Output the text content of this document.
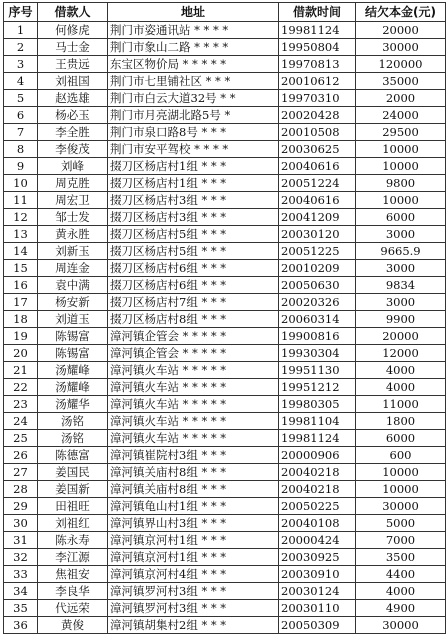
序号	借款人	地址	借款时间	结欠本金(元)
1	何修虎	荆门市姿通讯站 * * * *	19981124	20000
2	马士金	荆门市象山二路 * * * *	19950804	30000
3	王贵远	东宝区物价局 * * * * *	19970813	120000
4	刘祖国	荆门市七里铺社区 * * *	20010612	35000
5	赵选雄	荆门市白云大道32号 * *	19970310	2000
6	杨必玉	荆门市月亮湖北路5号 *	20020428	24000
7	李全胜	荆门市泉口路8号 * * *	20010508	29500
8	李俊茂	荆门市安平驾校 * * * *	20030625	10000
9	刘峰	掇刀区杨店村1组 * * *	20040616	10000
10	周克胜	掇刀区杨店村1组 * * *	20051224	9800
11	周宏卫	掇刀区杨店村3组 * * *	20040616	10000
12	邹士发	掇刀区杨店村3组 * * *	20041209	6000
13	黄永胜	掇刀区杨店村5组 * * *	20030120	3000
14	刘新玉	掇刀区杨店村5组 * * *	20051225	9665.9
15	周连金	掇刀区杨店村6组 * * *	20010209	3000
16	袁中满	掇刀区杨店村6组 * * *	20050630	9834
17	杨安新	掇刀区杨店村7组 * * *	20020326	3000
18	刘道玉	掇刀区杨店村8组 * * *	20060314	9900
19	陈锡富	漳河镇企管会 * * * * *	19900816	20000
20	陈锡富	漳河镇企管会 * * * * *	19930304	12000
21	汤耀峰	漳河镇火车站 * * * * *	19951130	4000
22	汤耀峰	漳河镇火车站 * * * * *	19951212	4000
23	汤耀华	漳河镇火车站 * * * * *	19980305	11000
24	汤铭	漳河镇火车站 * * * * *	19981104	1800
25	汤铭	漳河镇火车站 * * * * *	19981124	6000
26	陈德富	漳河镇崔院村3组 * * *	20000906	600
27	姜国民	漳河镇关庙村8组 * * *	20040218	10000
28	姜国新	漳河镇关庙村8组 * * *	20040218	10000
29	田祖旺	漳河镇龟山村1组 * * *	20050225	30000
30	刘祖红	漳河镇界山村3组 * * *	20040108	5000
31	陈永寿	漳河镇京河村1组 * * *	20000424	7000
32	李江源	漳河镇京河村1组 * * *	20030925	3500
33	焦祖安	漳河镇京河村4组 * * *	20030910	4400
34	李良华	漳河镇罗河村3组 * * *	20030124	4000
35	代远荣	漳河镇罗河村3组 * * *	20030110	4900
36	黄俊	漳河镇胡集村2组 * * *	20050309	30000
